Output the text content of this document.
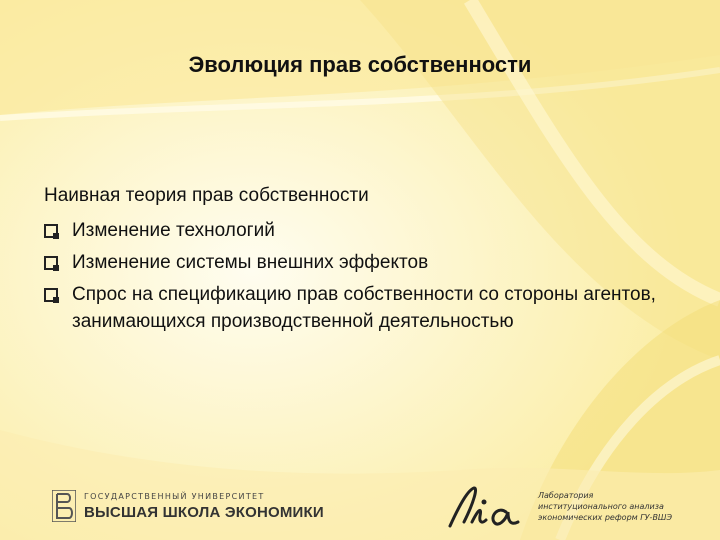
Эволюция прав собственности

Наивная теория прав собственности

Изменение технологий
Изменение системы внешних эффектов
Спрос на спецификацию прав собственности со стороны агентов, занимающихся производственной деятельностью
ГОСУДАРСТВЕННЫЙ УНИВЕРСИТЕТ
ВЫСШАЯ ШКОЛА ЭКОНОМИКИ
Лаборатория
институционального анализа
экономических реформ ГУ-ВШЭ
